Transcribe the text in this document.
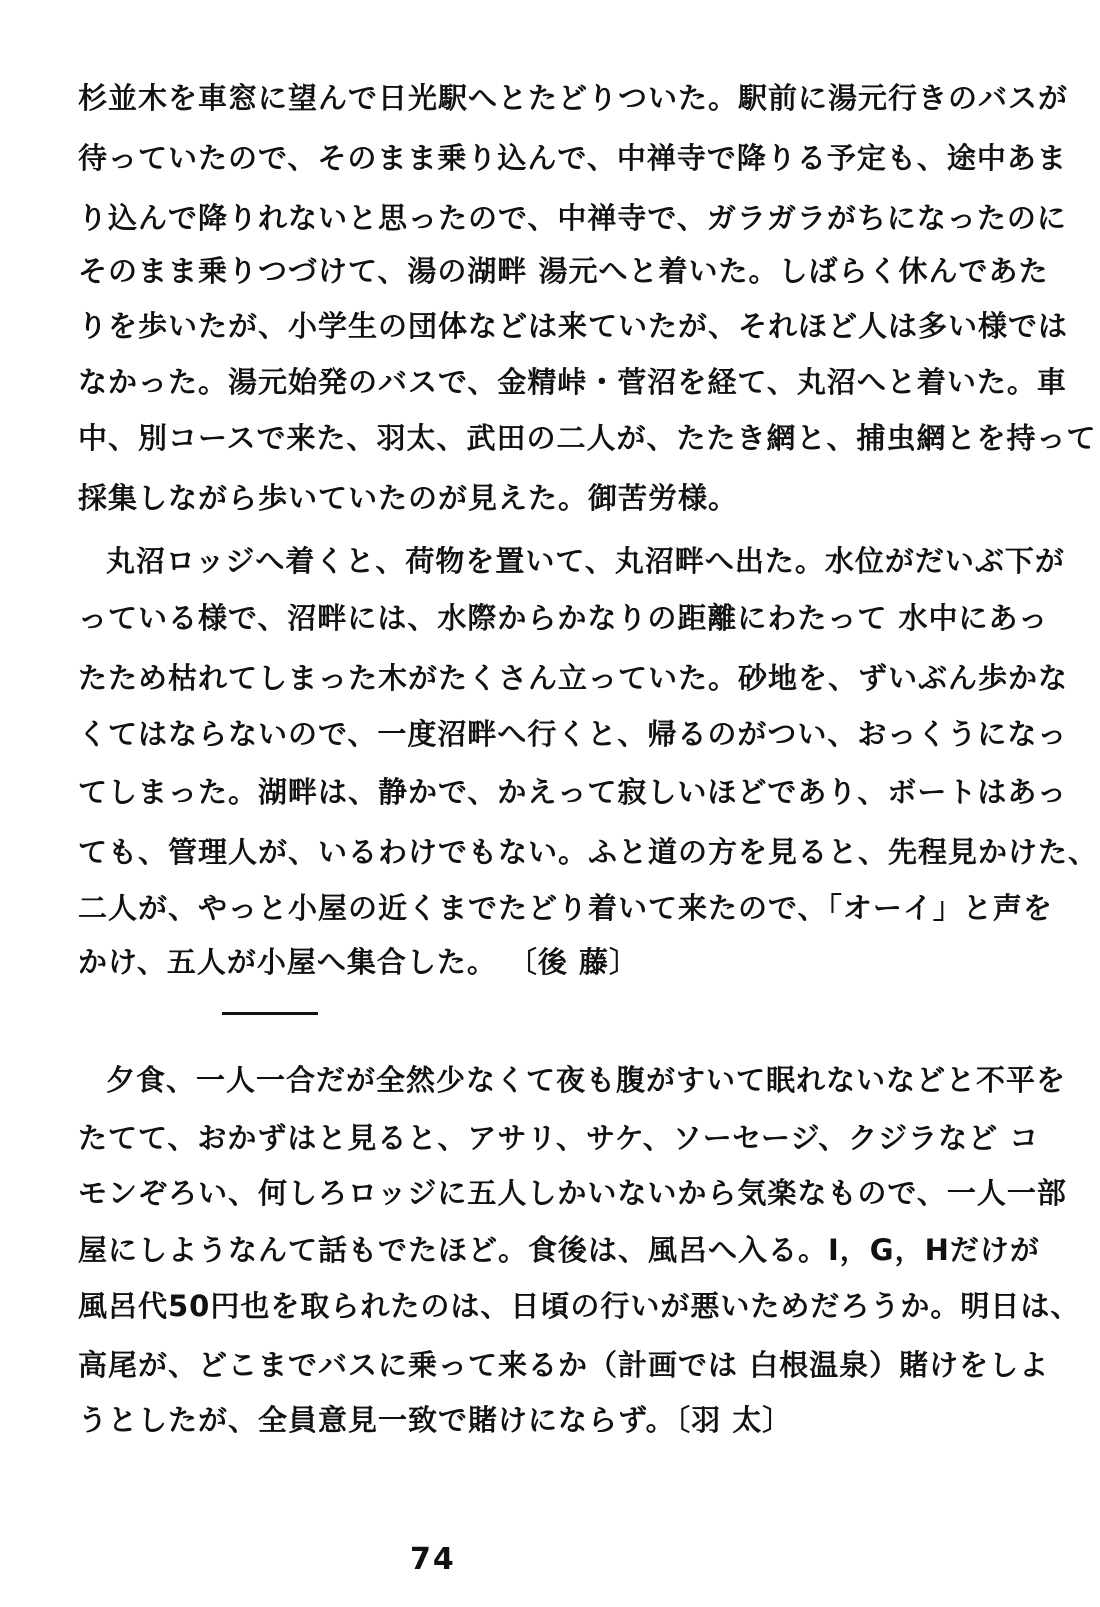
杉並木を車窓に望んで日光駅へとたどりついた。駅前に湯元行きのバスが
待っていたので、そのまま乗り込んで、中禅寺で降りる予定も、途中あま
り込んで降りれないと思ったので、中禅寺で、ガラガラがちになったのに
そのまま乗りつづけて、湯の湖畔 湯元へと着いた。しばらく休んであた
りを歩いたが、小学生の団体などは来ていたが、それほど人は多い様では
なかった。湯元始発のバスで、金精峠・菅沼を経て、丸沼へと着いた。車
中、別コースで来た、羽太、武田の二人が、たたき網と、捕虫網とを持って
採集しながら歩いていたのが見えた。御苦労様。
丸沼ロッジへ着くと、荷物を置いて、丸沼畔へ出た。水位がだいぶ下が
っている様で、沼畔には、水際からかなりの距離にわたって 水中にあっ
たため枯れてしまった木がたくさん立っていた。砂地を、ずいぶん歩かな
くてはならないので、一度沼畔へ行くと、帰るのがつい、おっくうになっ
てしまった。湖畔は、静かで、かえって寂しいほどであり、ボートはあっ
ても、管理人が、いるわけでもない。ふと道の方を見ると、先程見かけた、
二人が、やっと小屋の近くまでたどり着いて来たので、「オーイ」と声を
かけ、五人が小屋へ集合した。 〔後 藤〕
夕食、一人一合だが全然少なくて夜も腹がすいて眠れないなどと不平を
たてて、おかずはと見ると、アサリ、サケ、ソーセージ、クジラなど コ
モンぞろい、何しろロッジに五人しかいないから気楽なもので、一人一部
屋にしようなんて話もでたほど。食後は、風呂へ入る。I，G，Hだけが
風呂代50円也を取られたのは、日頃の行いが悪いためだろうか。明日は、
高尾が、どこまでバスに乗って来るか（計画では 白根温泉）賭けをしよ
うとしたが、全員意見一致で賭けにならず。〔羽 太〕
74
